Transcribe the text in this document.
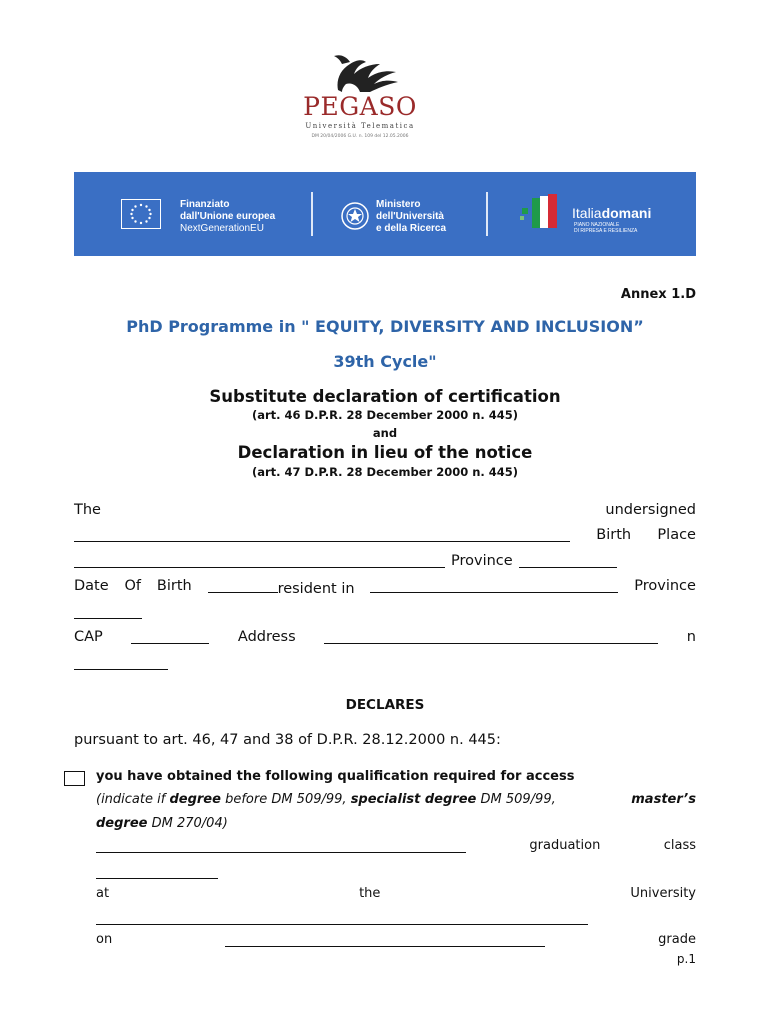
PEGASO
Università Telematica
DM 20/04/2006 G.U. n. 109 del 12.05.2006
Finanziato
dall'Unione europea
NextGenerationEU
Ministero
dell'Università
e della Ricerca
Italiadomani
PIANO NAZIONALE
DI RIPRESA E RESILIENZA
Annex 1.D
PhD Programme in " EQUITY, DIVERSITY AND INCLUSION”
39th Cycle"
Substitute declaration of certification
(art. 46 D.P.R. 28 December 2000 n. 445)
and
Declaration in lieu of the notice
(art. 47 D.P.R. 28 December 2000 n. 445)
The	undersigned
Birth Place
Province
Date Of Birth	resident in	Province
CAP	Address	n
DECLARES
pursuant to art. 46, 47 and 38 of D.P.R. 28.12.2000 n. 445:
you have obtained the following qualification required for access
(indicate if degree before DM 509/99, specialist degree DM 509/99,	master’s
degree DM 270/04)
graduation	class
at	the	University
on	grade
p.1
